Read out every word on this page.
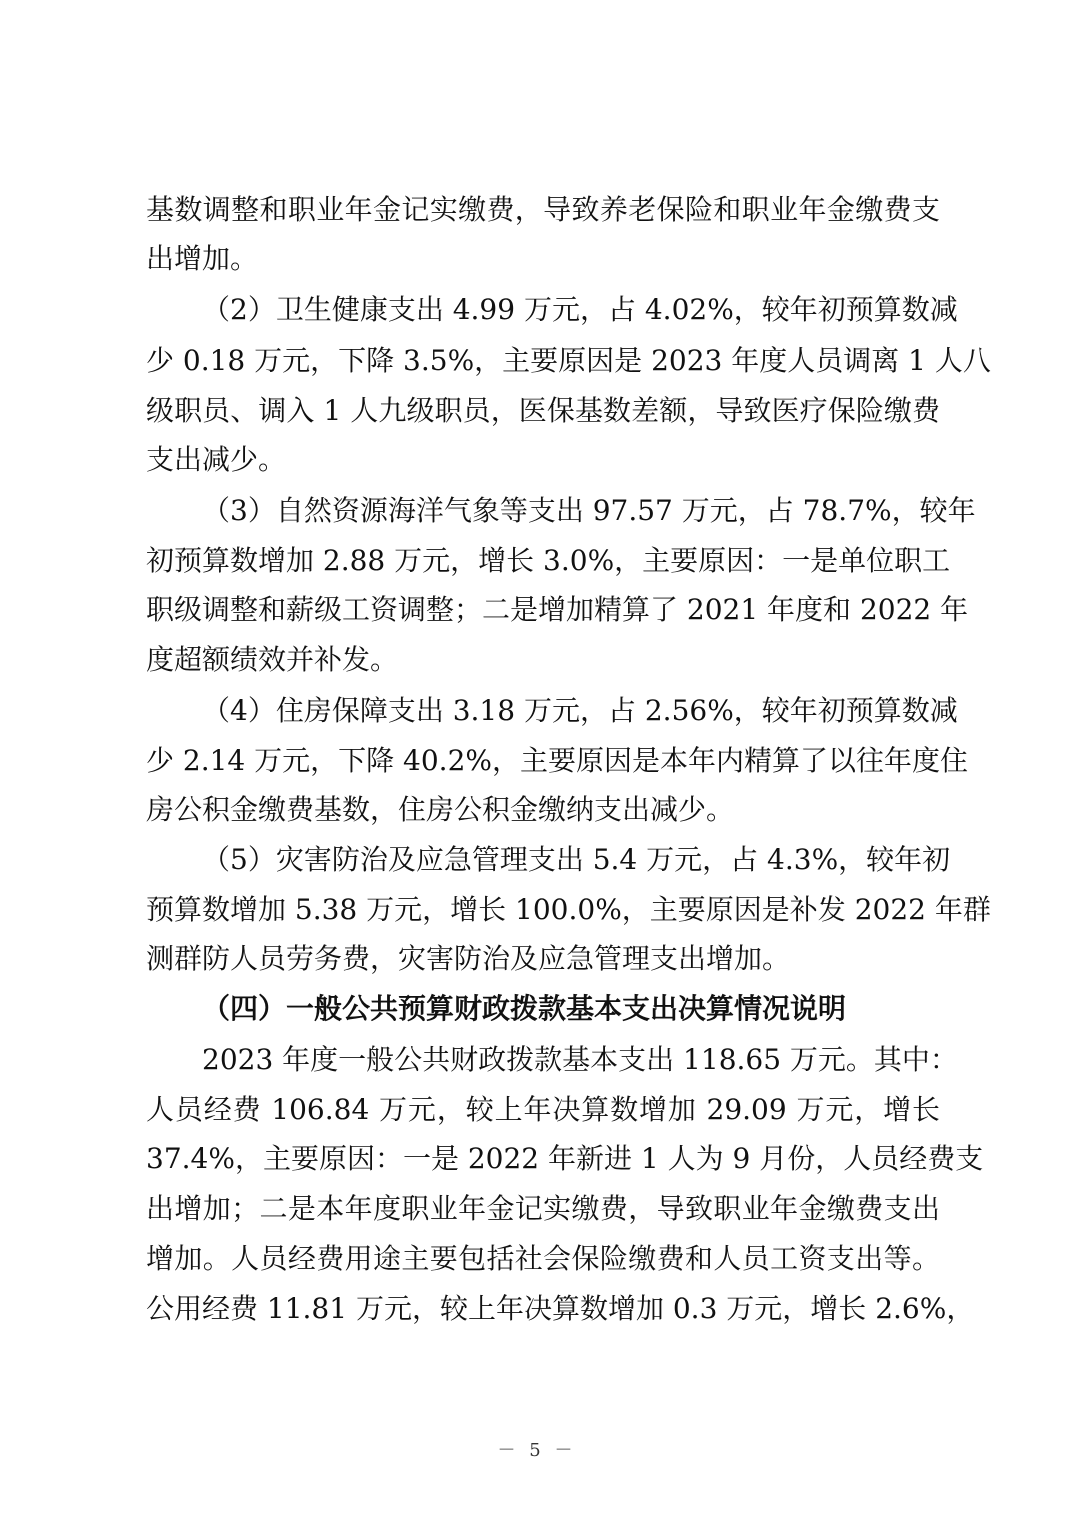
基数调整和职业年金记实缴费，导致养老保险和职业年金缴费支
出增加。
（2）卫生健康支出 4.99 万元，占 4.02%，较年初预算数减
少 0.18 万元，下降 3.5%，主要原因是 2023 年度人员调离 1 人八
级职员、调入 1 人九级职员，医保基数差额，导致医疗保险缴费
支出减少。
（3）自然资源海洋气象等支出 97.57 万元，占 78.7%，较年
初预算数增加 2.88 万元，增长 3.0%，主要原因：一是单位职工
职级调整和薪级工资调整；二是增加精算了 2021 年度和 2022 年
度超额绩效并补发。
（4）住房保障支出 3.18 万元，占 2.56%，较年初预算数减
少 2.14 万元，下降 40.2%，主要原因是本年内精算了以往年度住
房公积金缴费基数，住房公积金缴纳支出减少。
（5）灾害防治及应急管理支出 5.4 万元，占 4.3%，较年初
预算数增加 5.38 万元，增长 100.0%，主要原因是补发 2022 年群
测群防人员劳务费，灾害防治及应急管理支出增加。
（四）一般公共预算财政拨款基本支出决算情况说明
2023 年度一般公共财政拨款基本支出 118.65 万元。其中：
人员经费 106.84 万元，较上年决算数增加 29.09 万元，增长
37.4%，主要原因：一是 2022 年新进 1 人为 9 月份，人员经费支
出增加；二是本年度职业年金记实缴费，导致职业年金缴费支出
增加。人员经费用途主要包括社会保险缴费和人员工资支出等。
公用经费 11.81 万元，较上年决算数增加 0.3 万元，增长 2.6%，
－ 5 －
